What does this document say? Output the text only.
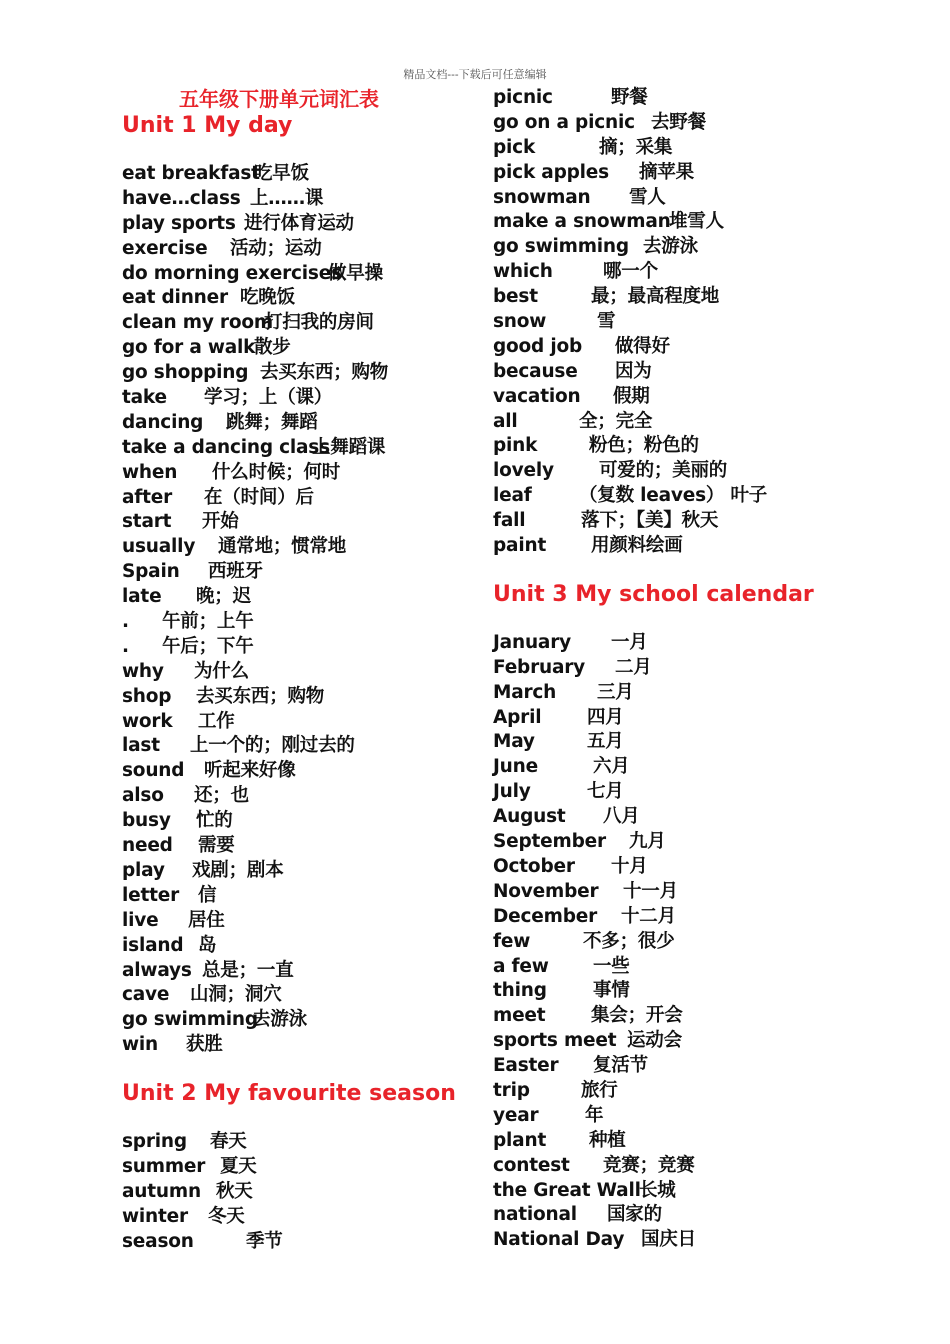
精品文档---下载后可任意编辑
五年级下册单元词汇表
Unit 1 My day
eat breakfast吃早饭
have…class 上……课
play sports 进行体育运动
exercise 活动；运动
do morning exercises做早操
eat dinner 吃晚饭
clean my room打扫我的房间
go for a walk散步
go shopping 去买东西；购物
take 学习；上（课）
dancing 跳舞；舞蹈
take a dancing class上舞蹈课
when 什么时候；何时
after 在（时间）后
start 开始
usually 通常地；惯常地
Spain 西班牙
late 晚；迟
. 午前；上午
. 午后；下午
why 为什么
shop 去买东西；购物
work 工作
last 上一个的；刚过去的
sound 听起来好像
also 还；也
busy 忙的
need 需要
play 戏剧；剧本
letter 信
live 居住
island 岛
always 总是；一直
cave 山洞；洞穴
go swimming去游泳
win 获胜
Unit 2 My favourite season
spring 春天
summer 夏天
autumn 秋天
winter 冬天
season	季节
picnic	野餐
go on a picnic 去野餐
pick	摘；采集
pick apples 摘苹果
snowman 雪人
make a snowman堆雪人
go swimming 去游泳
which	哪一个
best	最；最高程度地
snow	雪
good job 做得好
because 因为
vacation 假期
all	全；完全
pink	粉色；粉色的
lovely 可爱的；美丽的
leaf	（复数 leaves） 叶子
fall	落下；【美】秋天
paint 用颜料绘画
Unit 3 My school calendar
January 一月
February 二月
March 三月
April 四月
May	五月
June	六月
July	七月
August 八月
September 九月
October 十月
November 十一月
December 十二月
few	不多；很少
a few 一些
thing 事情
meet 集会；开会
sports meet 运动会
Easter 复活节
trip	旅行
year	年
plant 种植
contest 竞赛；竞赛
the Great Wall长城
national 国家的
National Day 国庆日
